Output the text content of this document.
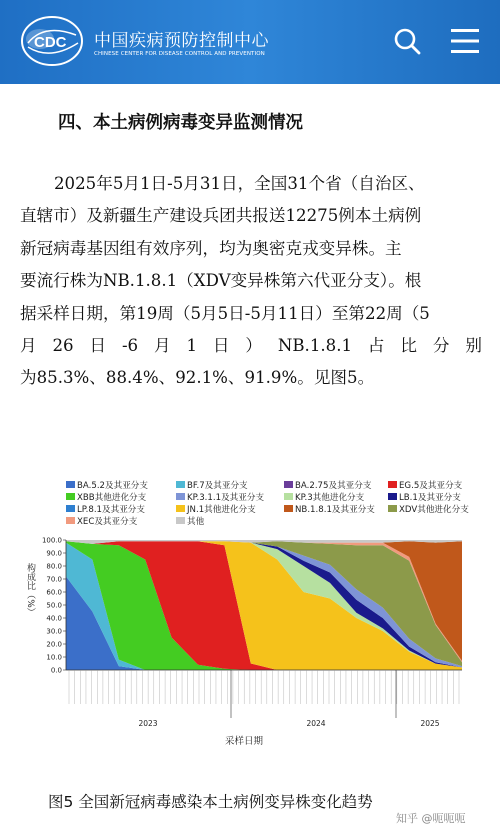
CDC 中国疾病预防控制中心
CHINESE CENTER FOR DISEASE CONTROL AND PREVENTION
四、本土病例病毒变异监测情况
2025年5月1日-5月31日，全国31个省（自治区、
直辖市）及新疆生产建设兵团共报送12275例本土病例
新冠病毒基因组有效序列，均为奥密克戎变异株。主
要流行株为NB.1.8.1（XDV变异株第六代亚分支）。根
据采样日期，第19周（5月5日-5月11日）至第22周（5
月 26 日 -6 月 1 日 ） NB.1.8.1 占 比 分 别
为85.3%、88.4%、92.1%、91.9%。见图5。
BA.5.2及其亚分支	BF.7及其亚分支	BA.2.75及其亚分支	EG.5及其亚分支
XBB其他进化分支	KP.3.1.1及其亚分支	KP.3其他进化分支	LB.1及其亚分支
LP.8.1及其亚分支	JN.1其他进化分支	NB.1.8.1及其亚分支	XDV其他进化分支
XEC及其亚分支	其他
100.0
90.0
80.0
70.0
60.0
50.0
40.0
30.0
20.0
10.0
0.0
构成比（%）
2023	2024	2025
采样日期
图5 全国新冠病毒感染本土病例变异株变化趋势
知乎 @呃呃呃
